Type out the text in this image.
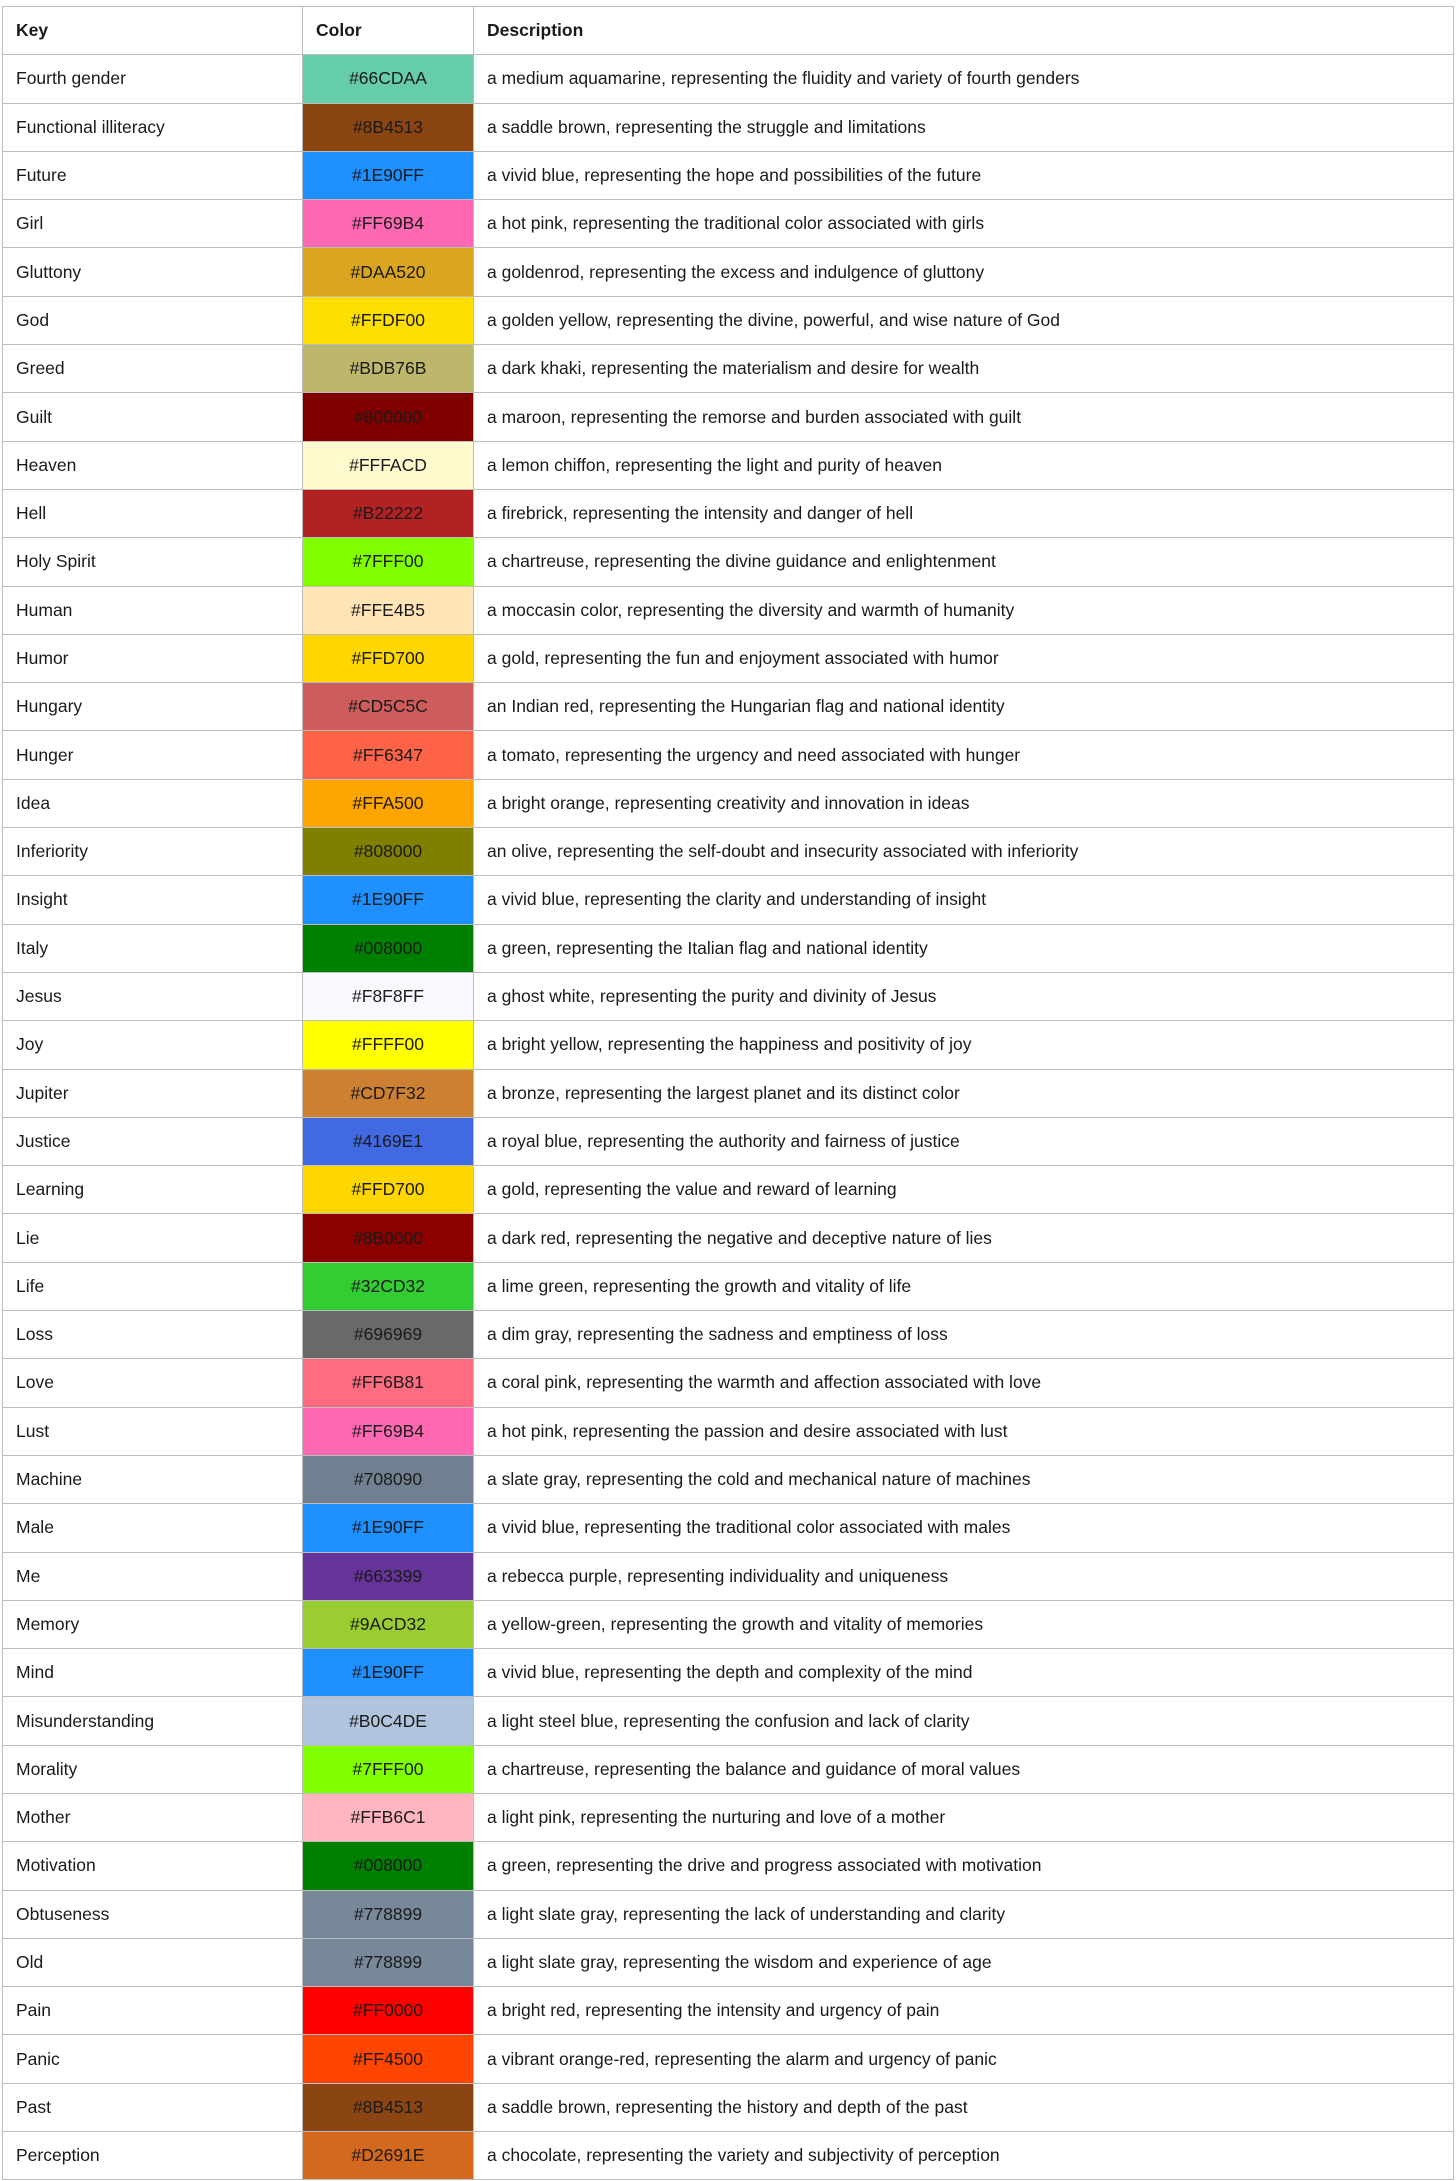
Key	Color	Description
Fourth gender	#66CDAA	a medium aquamarine, representing the fluidity and variety of fourth genders
Functional illiteracy	#8B4513	a saddle brown, representing the struggle and limitations
Future	#1E90FF	a vivid blue, representing the hope and possibilities of the future
Girl	#FF69B4	a hot pink, representing the traditional color associated with girls
Gluttony	#DAA520	a goldenrod, representing the excess and indulgence of gluttony
God	#FFDF00	a golden yellow, representing the divine, powerful, and wise nature of God
Greed	#BDB76B	a dark khaki, representing the materialism and desire for wealth
Guilt	#800000	a maroon, representing the remorse and burden associated with guilt
Heaven	#FFFACD	a lemon chiffon, representing the light and purity of heaven
Hell	#B22222	a firebrick, representing the intensity and danger of hell
Holy Spirit	#7FFF00	a chartreuse, representing the divine guidance and enlightenment
Human	#FFE4B5	a moccasin color, representing the diversity and warmth of humanity
Humor	#FFD700	a gold, representing the fun and enjoyment associated with humor
Hungary	#CD5C5C	an Indian red, representing the Hungarian flag and national identity
Hunger	#FF6347	a tomato, representing the urgency and need associated with hunger
Idea	#FFA500	a bright orange, representing creativity and innovation in ideas
Inferiority	#808000	an olive, representing the self-doubt and insecurity associated with inferiority
Insight	#1E90FF	a vivid blue, representing the clarity and understanding of insight
Italy	#008000	a green, representing the Italian flag and national identity
Jesus	#F8F8FF	a ghost white, representing the purity and divinity of Jesus
Joy	#FFFF00	a bright yellow, representing the happiness and positivity of joy
Jupiter	#CD7F32	a bronze, representing the largest planet and its distinct color
Justice	#4169E1	a royal blue, representing the authority and fairness of justice
Learning	#FFD700	a gold, representing the value and reward of learning
Lie	#8B0000	a dark red, representing the negative and deceptive nature of lies
Life	#32CD32	a lime green, representing the growth and vitality of life
Loss	#696969	a dim gray, representing the sadness and emptiness of loss
Love	#FF6B81	a coral pink, representing the warmth and affection associated with love
Lust	#FF69B4	a hot pink, representing the passion and desire associated with lust
Machine	#708090	a slate gray, representing the cold and mechanical nature of machines
Male	#1E90FF	a vivid blue, representing the traditional color associated with males
Me	#663399	a rebecca purple, representing individuality and uniqueness
Memory	#9ACD32	a yellow-green, representing the growth and vitality of memories
Mind	#1E90FF	a vivid blue, representing the depth and complexity of the mind
Misunderstanding	#B0C4DE	a light steel blue, representing the confusion and lack of clarity
Morality	#7FFF00	a chartreuse, representing the balance and guidance of moral values
Mother	#FFB6C1	a light pink, representing the nurturing and love of a mother
Motivation	#008000	a green, representing the drive and progress associated with motivation
Obtuseness	#778899	a light slate gray, representing the lack of understanding and clarity
Old	#778899	a light slate gray, representing the wisdom and experience of age
Pain	#FF0000	a bright red, representing the intensity and urgency of pain
Panic	#FF4500	a vibrant orange-red, representing the alarm and urgency of panic
Past	#8B4513	a saddle brown, representing the history and depth of the past
Perception	#D2691E	a chocolate, representing the variety and subjectivity of perception
